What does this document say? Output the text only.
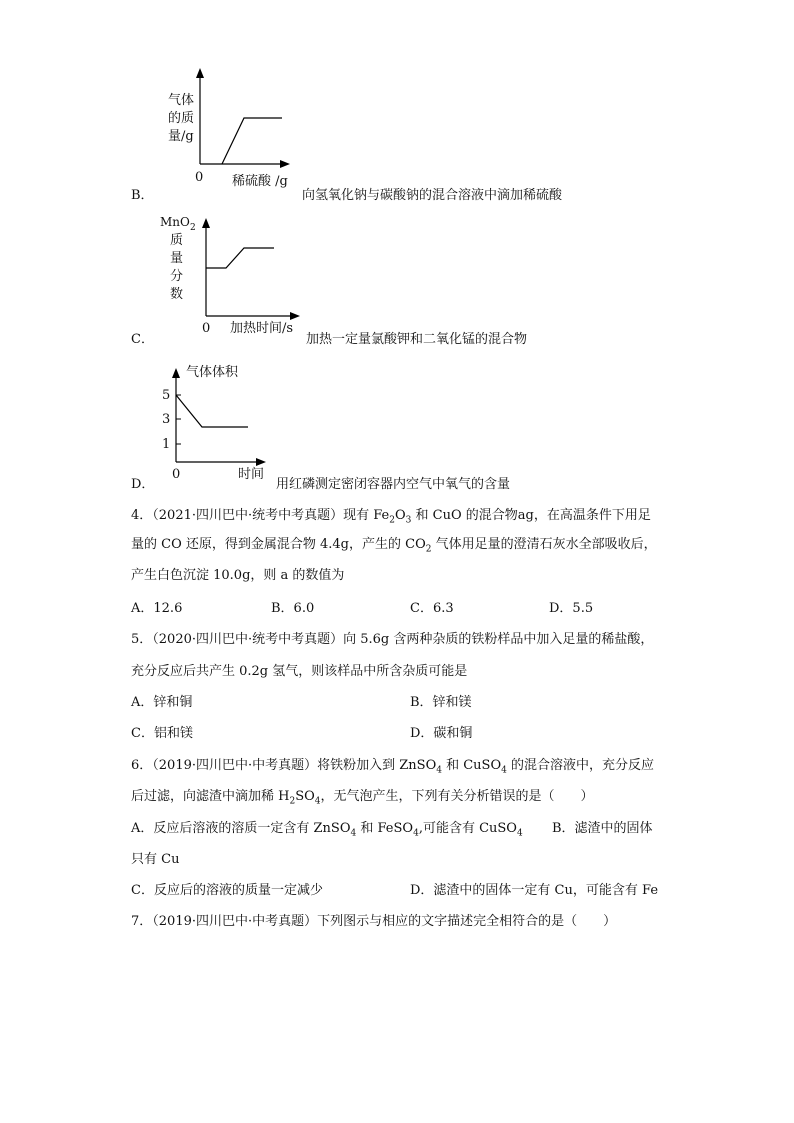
B．
气体
的质
量/g
0 稀硫酸 /g
向氢氧化钠与碳酸钠的混合溶液中滴加稀硫酸
C．
MnO 2
质
量
分
数
0 加热时间/s
加热一定量氯酸钾和二氧化锰的混合物
D．
气体体积
5
3
1
0	时间
用红磷测定密闭容器内空气中氧气的含量
4．（2021·四川巴中·统考中考真题）现有 $Fe_2O_3$ 和 CuO 的混合物ag，在高温条件下用足
量的 CO 还原，得到金属混合物 4.4g，产生的 $CO_2$ 气体用足量的澄清石灰水全部吸收后，
产生白色沉淀 10.0g，则 a 的数值为
A．12.6	B．6.0	C．6.3	D．5.5
5．（2020·四川巴中·统考中考真题）向 5.6g 含两种杂质的铁粉样品中加入足量的稀盐酸，
充分反应后共产生 0.2g 氢气，则该样品中所含杂质可能是
A．锌和铜	B．锌和镁
C．铝和镁	D．碳和铜
6．（2019·四川巴中·中考真题）将铁粉加入到 ZnSO$_4$ 和 CuSO$_4$ 的混合溶液中，充分反应
后过滤，向滤渣中滴加稀 $H_2SO_4$，无气泡产生，下列有关分析错误的是（　　）
A．反应后溶液的溶质一定含有 ZnSO$_4$ 和 FeSO$_4$,可能含有 CuSO$_4$ B．滤渣中的固体
只有 Cu
C．反应后的溶液的质量一定减少	D．滤渣中的固体一定有 Cu，可能含有 Fe
7．（2019·四川巴中·中考真题）下列图示与相应的文字描述完全相符合的是（　　）
